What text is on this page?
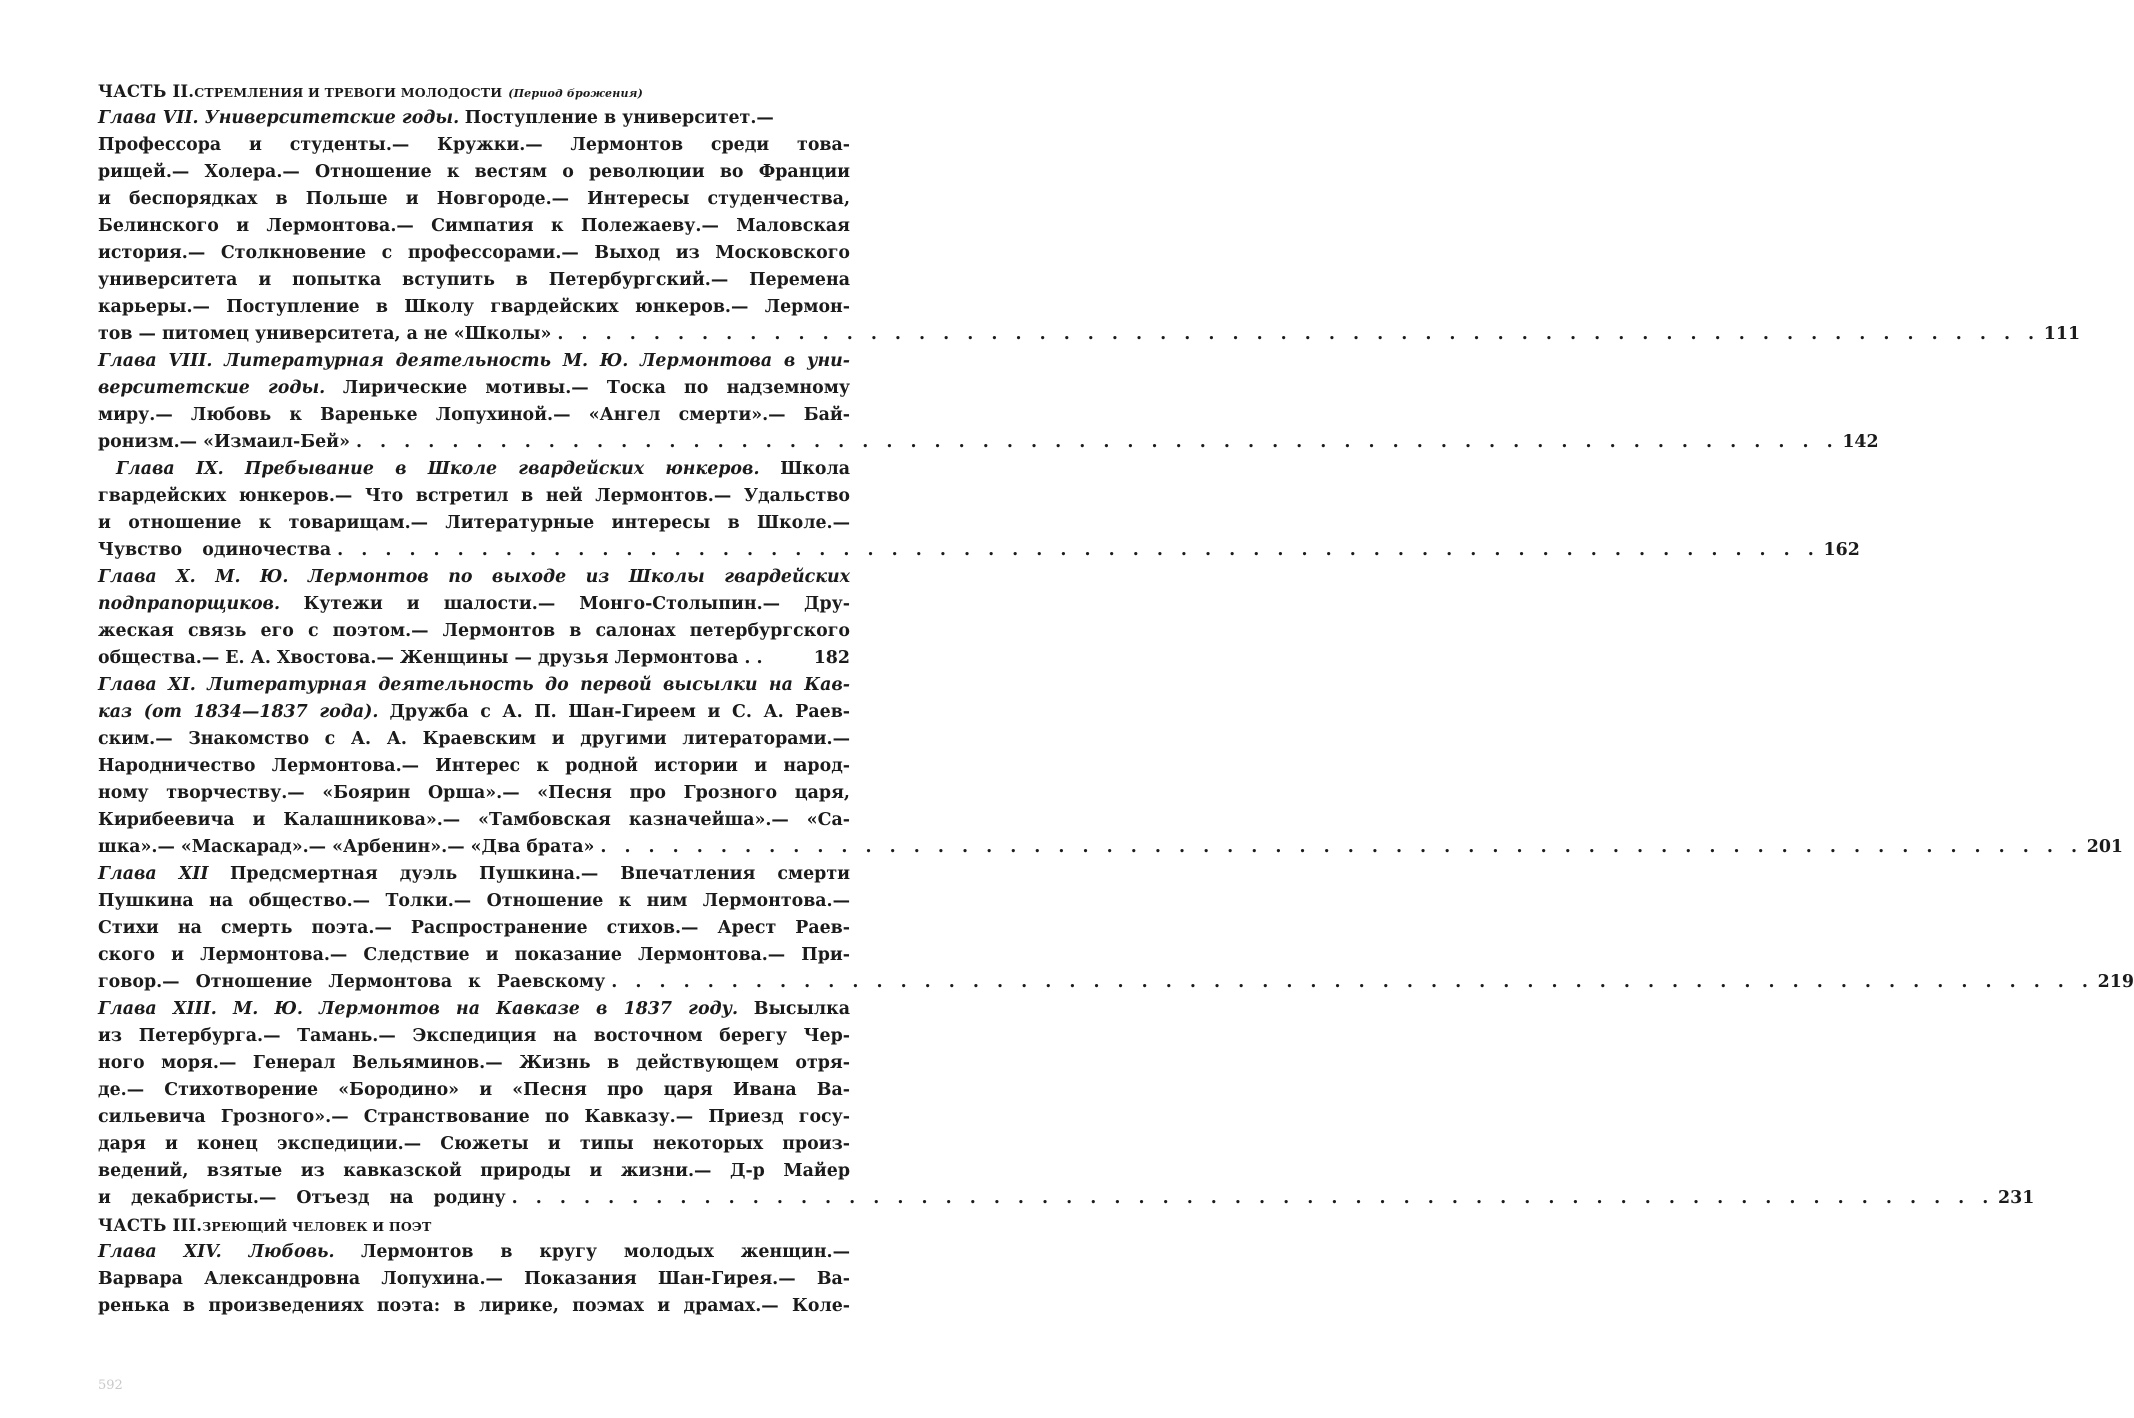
ЧАСТЬ II.СТРЕМЛЕНИЯ И ТРЕВОГИ МОЛОДОСТИ (Период брожения)
Глава VII. Университетские годы. Поступление в университет.—
Профессора и студенты.— Кружки.— Лермонтов среди това-
рищей.— Холера.— Отношение к вестям о революции во Франции
и беспорядках в Польше и Новгороде.— Интересы студенчества,
Белинского и Лермонтова.— Симпатия к Полежаеву.— Маловская
история.— Столкновение с профессорами.— Выход из Московского
университета и попытка вступить в Петербургский.— Перемена
карьеры.— Поступление в Школу гвардейских юнкеров.— Лермон-
тов — питомец университета, а не «Школы» . . . . . . . . . . . . . . . . . . . . . . . . . . . . . . . . . . . . . . . . . . . . . . . . . . . . . . . . . . . . . . 111
Глава VIII. Литературная деятельность М. Ю. Лермонтова в уни-
верситетские годы. Лирические мотивы.— Тоска по надземному
миру.— Любовь к Вареньке Лопухиной.— «Ангел смерти».— Бай-
ронизм.— «Измаил-Бей» . . . . . . . . . . . . . . . . . . . . . . . . . . . . . . . . . . . . . . . . . . . . . . . . . . . . . . . . . . . . . . 142
Глава IX. Пребывание в Школе гвардейских юнкеров. Школа
гвардейских юнкеров.— Что встретил в ней Лермонтов.— Удальство
и отношение к товарищам.— Литературные интересы в Школе.—
Чувство одиночества . . . . . . . . . . . . . . . . . . . . . . . . . . . . . . . . . . . . . . . . . . . . . . . . . . . . . . . . . . . . . . 162
Глава X. М. Ю. Лермонтов по выходе из Школы гвардейских
подпрапорщиков. Кутежи и шалости.— Монго-Столыпин.— Дру-
жеская связь его с поэтом.— Лермонтов в салонах петербургского
общества.— Е. А. Хвостова.— Женщины — друзья Лермонтова . .	182
Глава XI. Литературная деятельность до первой высылки на Кав-
каз (от 1834—1837 года). Дружба с А. П. Шан-Гиреем и С. А. Раев-
ским.— Знакомство с А. А. Краевским и другими литераторами.—
Народничество Лермонтова.— Интерес к родной истории и народ-
ному творчеству.— «Боярин Орша».— «Песня про Грозного царя,
Кирибеевича и Калашникова».— «Тамбовская казначейша».— «Са-
шка».— «Маскарад».— «Арбенин».— «Два брата» . . . . . . . . . . . . . . . . . . . . . . . . . . . . . . . . . . . . . . . . . . . . . . . . . . . . . . . . . . . . . . 201
Глава XII Предсмертная дуэль Пушкина.— Впечатления смерти
Пушкина на общество.— Толки.— Отношение к ним Лермонтова.—
Стихи на смерть поэта.— Распространение стихов.— Арест Раев-
ского и Лермонтова.— Следствие и показание Лермонтова.— При-
говор.— Отношение Лермонтова к Раевскому . . . . . . . . . . . . . . . . . . . . . . . . . . . . . . . . . . . . . . . . . . . . . . . . . . . . . . . . . . . . . . 219
Глава XIII. М. Ю. Лермонтов на Кавказе в 1837 году. Высылка
из Петербурга.— Тамань.— Экспедиция на восточном берегу Чер-
ного моря.— Генерал Вельяминов.— Жизнь в действующем отря-
де.— Стихотворение «Бородино» и «Песня про царя Ивана Ва-
сильевича Грозного».— Странствование по Кавказу.— Приезд госу-
даря и конец экспедиции.— Сюжеты и типы некоторых произ-
ведений, взятые из кавказской природы и жизни.— Д-р Майер
и декабристы.— Отъезд на родину . . . . . . . . . . . . . . . . . . . . . . . . . . . . . . . . . . . . . . . . . . . . . . . . . . . . . . . . . . . . . . 231
ЧАСТЬ III.ЗРЕЮЩИЙ ЧЕЛОВЕК И ПОЭТ
Глава XIV. Любовь. Лермонтов в кругу молодых женщин.—
Варвара Александровна Лопухина.— Показания Шан-Гирея.— Ва-
ренька в произведениях поэта: в лирике, поэмах и драмах.— Коле-
592
